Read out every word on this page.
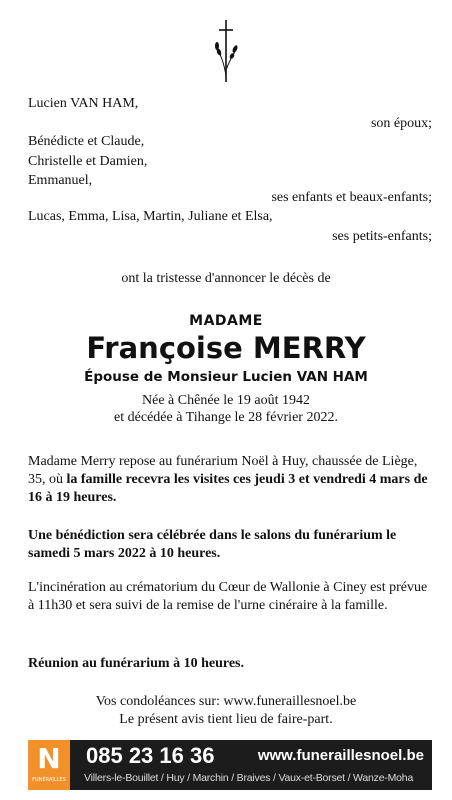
Lucien VAN HAM,
son époux;
Bénédicte et Claude,
Christelle et Damien,
Emmanuel,
ses enfants et beaux-enfants;
Lucas, Emma, Lisa, Martin, Juliane et Elsa,
ses petits-enfants;
ont la tristesse d'annoncer le décès de
MADAME
Françoise MERRY
Épouse de Monsieur Lucien VAN HAM
Née à Chênée le 19 août 1942
et décédée à Tihange le 28 février 2022.
Madame Merry repose au funérarium Noël à Huy, chaussée de Liège, 35, où la famille recevra les visites ces jeudi 3 et vendredi 4 mars de 16 à 19 heures.
Une bénédiction sera célébrée dans le salons du funérarium le samedi 5 mars 2022 à 10 heures.
L'incinération au crématorium du Cœur de Wallonie à Ciney est prévue à 11h30 et sera suivi de la remise de l'urne cinéraire à la famille.
Réunion au funérarium à 10 heures.
Vos condoléances sur: www.funeraillesnoel.be
Le présent avis tient lieu de faire-part.
N
FUNÉRAILLES
085 23 16 36	www.funeraillesnoel.be
Villers-le-Bouillet / Huy / Marchin / Braives / Vaux-et-Borset / Wanze-Moha
